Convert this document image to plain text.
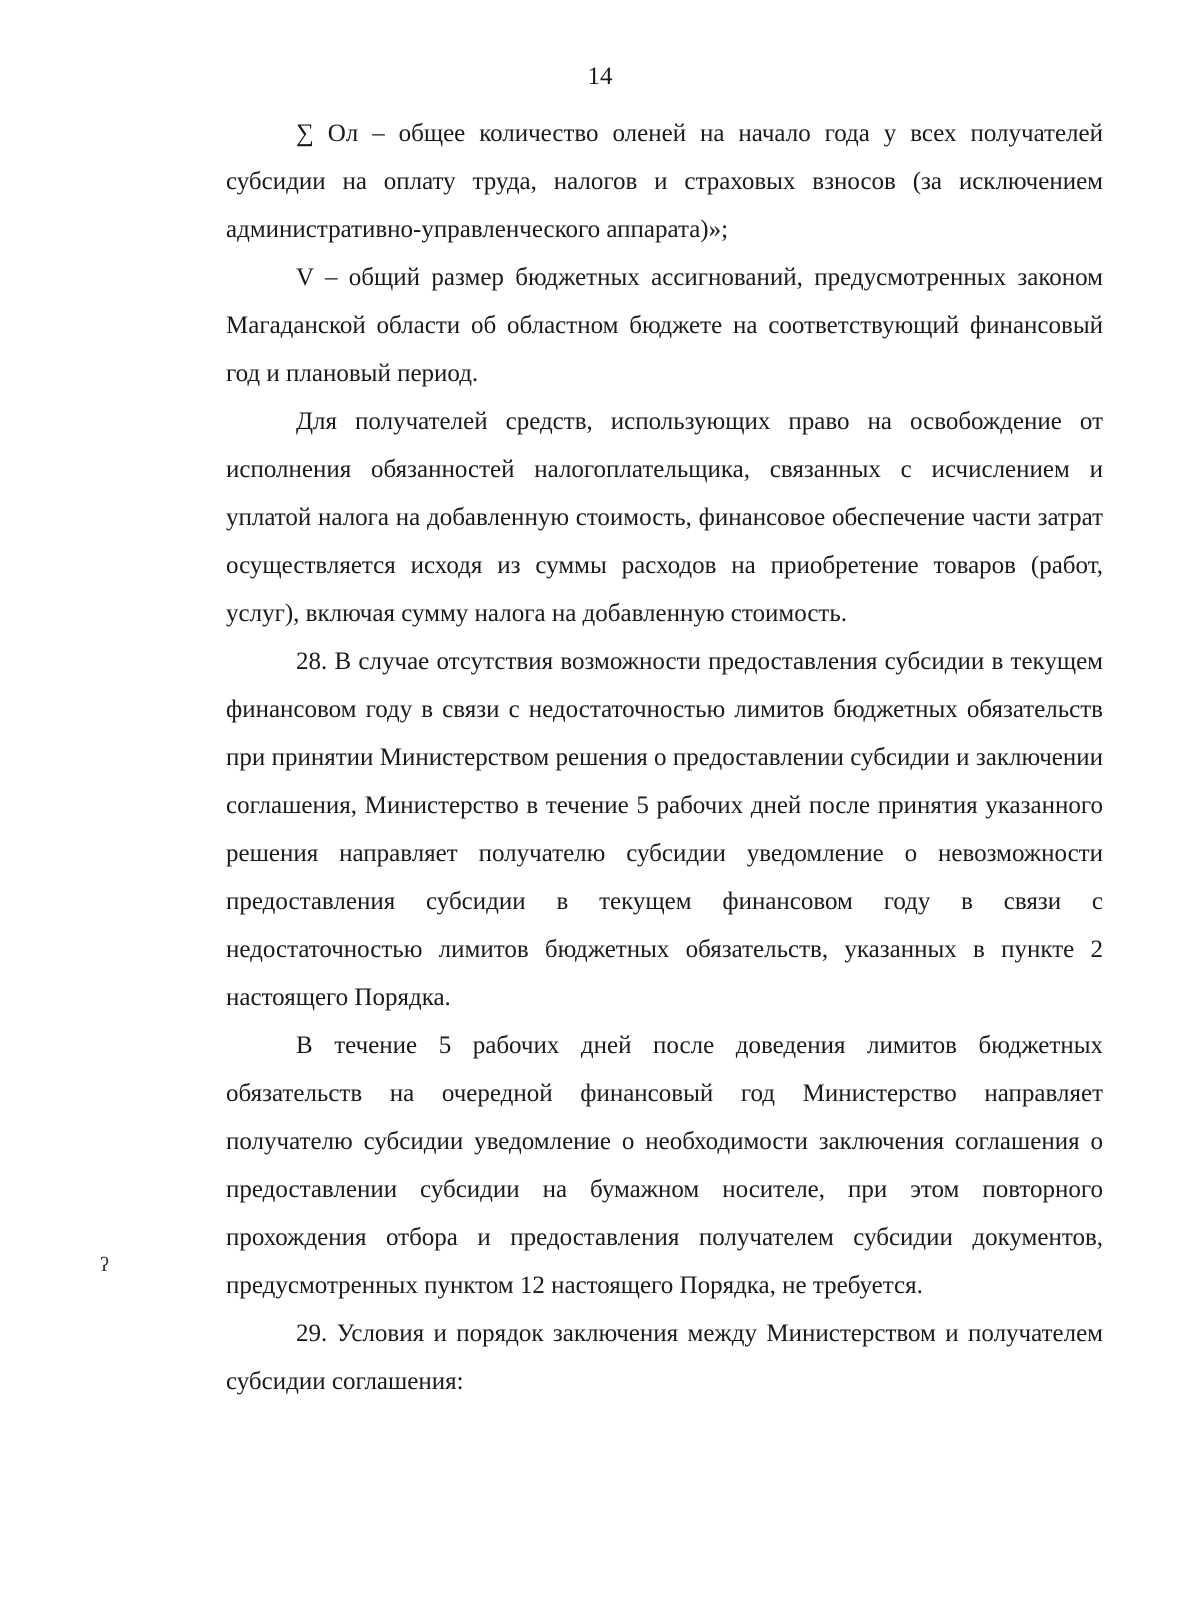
14

∑ Ол – общее количество оленей на начало года у всех получателей субсидии на оплату труда, налогов и страховых взносов (за исключением административно-управленческого аппарата)»;

V – общий размер бюджетных ассигнований, предусмотренных законом Магаданской области об областном бюджете на соответствующий финансовый год и плановый период.

Для получателей средств, использующих право на освобождение от исполнения обязанностей налогоплательщика, связанных с исчислением и уплатой налога на добавленную стоимость, финансовое обеспечение части затрат осуществляется исходя из суммы расходов на приобретение товаров (работ, услуг), включая сумму налога на добавленную стоимость.

28. В случае отсутствия возможности предоставления субсидии в текущем финансовом году в связи с недостаточностью лимитов бюджетных обязательств при принятии Министерством решения о предоставлении субсидии и заключении соглашения, Министерство в течение 5 рабочих дней после принятия указанного решения направляет получателю субсидии уведомление о невозможности предоставления субсидии в текущем финансовом году в связи с недостаточностью лимитов бюджетных обязательств, указанных в пункте 2 настоящего Порядка.

В течение 5 рабочих дней после доведения лимитов бюджетных обязательств на очередной финансовый год Министерство направляет получателю субсидии уведомление о необходимости заключения соглашения о предоставлении субсидии на бумажном носителе, при этом повторного прохождения отбора и предоставления получателем субсидии документов, предусмотренных пунктом 12 настоящего Порядка, не требуется.

29. Условия и порядок заключения между Министерством и получателем субсидии соглашения:

ʔ
